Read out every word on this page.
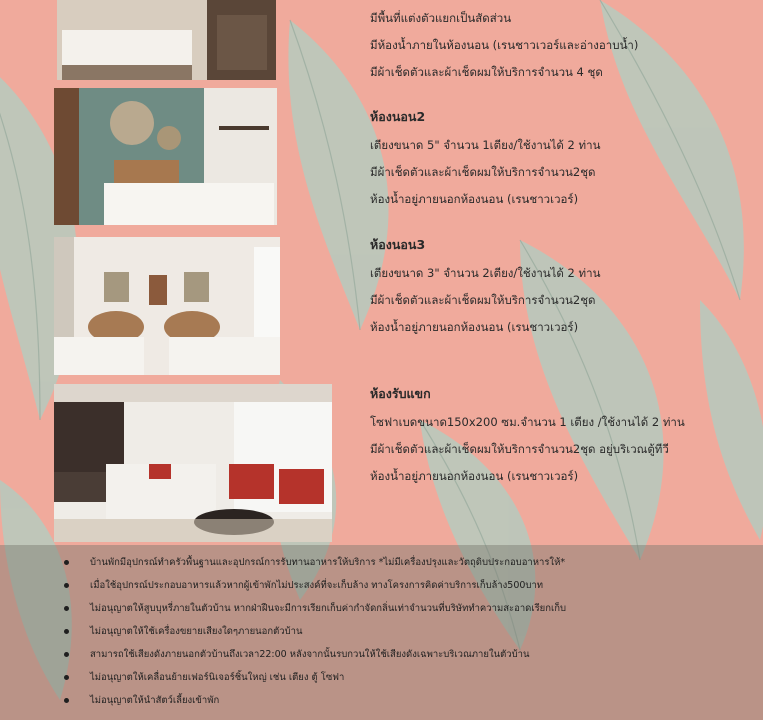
มีพื้นที่แต่งตัวแยกเป็นสัดส่วน
มีห้องน้ำภายในห้องนอน (เรนชาวเวอร์และอ่างอาบน้ำ)
มีผ้าเช็ดตัวและผ้าเช็ดผมให้บริการจำนวน 4 ชุด
ห้องนอน2
เตียงขนาด 5" จำนวน 1เตียง/ใช้งานได้ 2 ท่าน
มีผ้าเช็ดตัวและผ้าเช็ดผมให้บริการจำนวน2ชุด
ห้องน้ำอยู่ภายนอกห้องนอน (เรนชาวเวอร์)
ห้องนอน3
เตียงขนาด 3" จำนวน 2เตียง/ใช้งานได้ 2 ท่าน
มีผ้าเช็ดตัวและผ้าเช็ดผมให้บริการจำนวน2ชุด
ห้องน้ำอยู่ภายนอกห้องนอน (เรนชาวเวอร์)
ห้องรับแขก
โซฟาเบดขนาด150x200 ซม.จำนวน 1 เตียง /ใช้งานได้ 2 ท่าน
มีผ้าเช็ดตัวและผ้าเช็ดผมให้บริการจำนวน2ชุด อยู่บริเวณตู้ทีวี
ห้องน้ำอยู่ภายนอกห้องนอน (เรนชาวเวอร์)
บ้านพักมีอุปกรณ์ทำครัวพื้นฐานและอุปกรณ์การรับทานอาหารให้บริการ *ไม่มีเครื่องปรุงและวัตถุดิบประกอบอาหารให้*
เมื่อใช้อุปกรณ์ประกอบอาหารแล้วหากผู้เข้าพักไม่ประสงค์ที่จะเก็บล้าง ทางโครงการคิดค่าบริการเก็บล้าง500บาท
ไม่อนุญาตให้สูบบุหรี่ภายในตัวบ้าน หากฝ่าฝืนจะมีการเรียกเก็บค่ากำจัดกลิ่นเท่าจำนวนที่บริษัททำความสะอาดเรียกเก็บ
ไม่อนุญาตให้ใช้เครื่องขยายเสียงใดๆภายนอกตัวบ้าน
สามารถใช้เสียงดังภายนอกตัวบ้านถึงเวลา22:00 หลังจากนั้นรบกวนให้ใช้เสียงดังเฉพาะบริเวณภายในตัวบ้าน
ไม่อนุญาตให้เคลื่อนย้ายเฟอร์นิเจอร์ชิ้นใหญ่ เช่น เตียง ตู้ โซฟา
ไม่อนุญาตให้นำสัตว์เลี้ยงเข้าพัก
